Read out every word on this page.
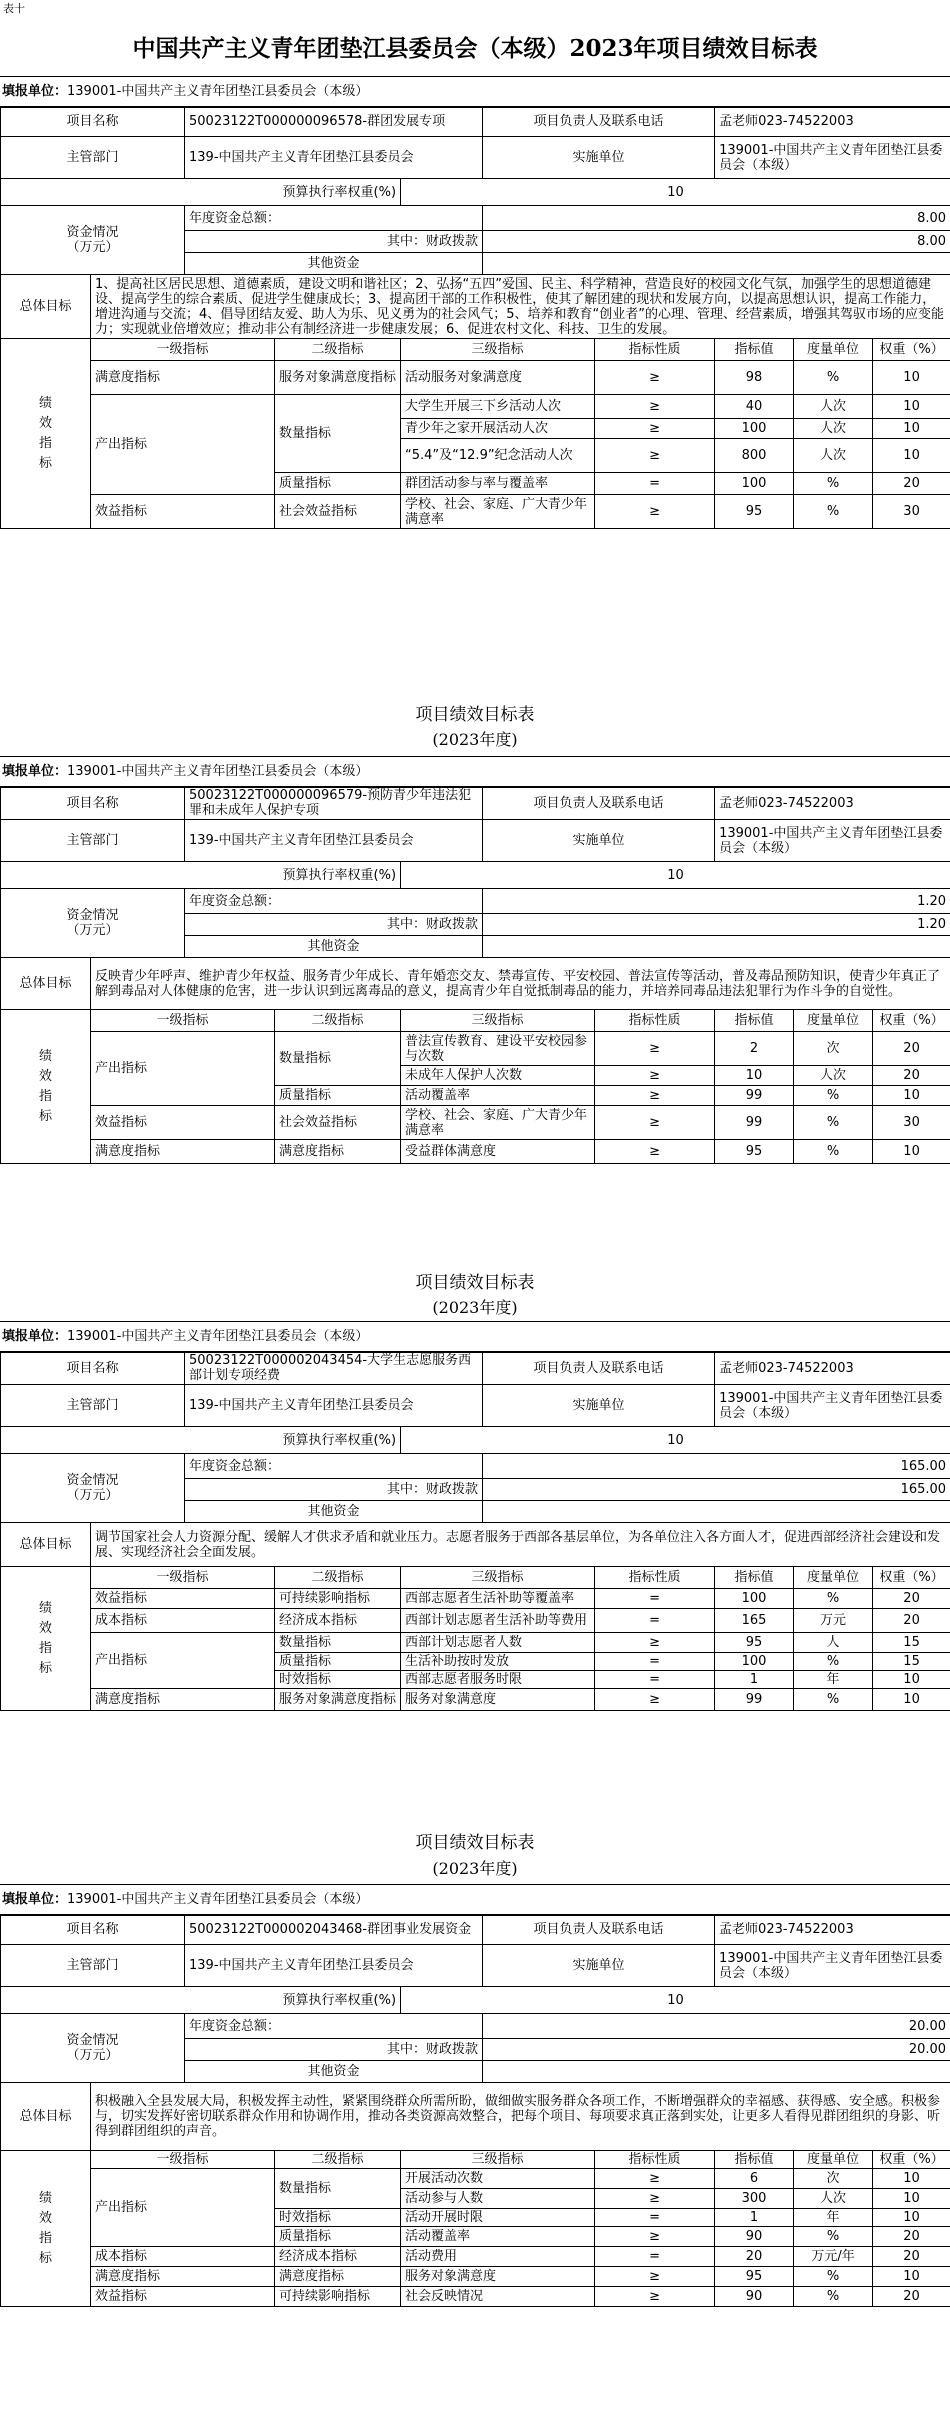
表十
中国共产主义青年团垫江县委员会（本级）2023年项目绩效目标表
填报单位：139001-中国共产主义青年团垫江县委员会（本级）
项目名称		50023122T000000096578-群团发展专项			项目负责人及联系电话		孟老师023-74522003		
主管部门		139-中国共产主义青年团垫江县委员会			实施单位		139001-中国共产主义青年团垫江县委员会（本级）		
预算执行率权重(%)				10					
资金情况
（万元）		年度资金总额：			8.00				
		其中：财政拨款			8.00				
		其他资金							
总体目标	1、提高社区居民思想、道德素质，建设文明和谐社区；2、弘扬“五四”爱国、民主、科学精神，营造良好的校园文化气氛，加强学生的思想道德建设、提高学生的综合素质、促进学生健康成长；3、提高团干部的工作积极性，使其了解团建的现状和发展方向，以提高思想认识，提高工作能力，增进沟通与交流；4、倡导团结友爱、助人为乐、见义勇为的社会风气；5、培养和教育“创业者”的心理、管理、经营素质，增强其驾驭市场的应变能力；实现就业倍增效应；推动非公有制经济进一步健康发展；6、促进农村文化、科技、卫生的发展。								
绩
效
指
标	一级指标		二级指标	三级指标		指标性质	指标值	度量单位	权重（%）
	满意度指标		服务对象满意度指标	活动服务对象满意度		≥	98	%	10
	产出指标		数量指标	大学生开展三下乡活动人次		≥	40	人次	10
				青少年之家开展活动人次		≥	100	人次	10
				“5.4”及“12.9”纪念活动人次		≥	800	人次	10
			质量指标	群团活动参与率与覆盖率		=	100	%	20
	效益指标		社会效益指标	学校、社会、家庭、广大青少年满意率		≥	95	%	30
项目绩效目标表
(2023年度)
填报单位：139001-中国共产主义青年团垫江县委员会（本级）
项目名称		50023122T000000096579-预防青少年违法犯罪和未成年人保护专项			项目负责人及联系电话		孟老师023-74522003		
主管部门		139-中国共产主义青年团垫江县委员会			实施单位		139001-中国共产主义青年团垫江县委员会（本级）		
预算执行率权重(%)				10					
资金情况
（万元）		年度资金总额：			1.20				
		其中：财政拨款			1.20				
		其他资金							
总体目标	反映青少年呼声、维护青少年权益、服务青少年成长、青年婚恋交友、禁毒宣传、平安校园、普法宣传等活动，普及毒品预防知识，使青少年真正了解到毒品对人体健康的危害，进一步认识到远离毒品的意义，提高青少年自觉抵制毒品的能力，并培养同毒品违法犯罪行为作斗争的自觉性。								
绩
效
指
标	一级指标		二级指标	三级指标		指标性质	指标值	度量单位	权重（%）
	产出指标		数量指标	普法宣传教育、建设平安校园参与次数		≥	2	次	20
				未成年人保护人次数		≥	10	人次	20
			质量指标	活动覆盖率		≥	99	%	10
	效益指标		社会效益指标	学校、社会、家庭、广大青少年满意率		≥	99	%	30
	满意度指标		满意度指标	受益群体满意度		≥	95	%	10
项目绩效目标表
(2023年度)
填报单位：139001-中国共产主义青年团垫江县委员会（本级）
项目名称		50023122T000002043454-大学生志愿服务西部计划专项经费			项目负责人及联系电话		孟老师023-74522003		
主管部门		139-中国共产主义青年团垫江县委员会			实施单位		139001-中国共产主义青年团垫江县委员会（本级）		
预算执行率权重(%)				10					
资金情况
（万元）		年度资金总额：			165.00				
		其中：财政拨款			165.00				
		其他资金							
总体目标	调节国家社会人力资源分配、缓解人才供求矛盾和就业压力。志愿者服务于西部各基层单位，为各单位注入各方面人才，促进西部经济社会建设和发展、实现经济社会全面发展。								
绩
效
指
标	一级指标		二级指标	三级指标		指标性质	指标值	度量单位	权重（%）
	效益指标		可持续影响指标	西部志愿者生活补助等覆盖率		=	100	%	20
	成本指标		经济成本指标	西部计划志愿者生活补助等费用		=	165	万元	20
	产出指标		数量指标	西部计划志愿者人数		≥	95	人	15
			质量指标	生活补助按时发放		=	100	%	15
			时效指标	西部志愿者服务时限		=	1	年	10
	满意度指标		服务对象满意度指标	服务对象满意度		≥	99	%	10
项目绩效目标表
(2023年度)
填报单位：139001-中国共产主义青年团垫江县委员会（本级）
项目名称		50023122T000002043468-群团事业发展资金			项目负责人及联系电话		孟老师023-74522003		
主管部门		139-中国共产主义青年团垫江县委员会			实施单位		139001-中国共产主义青年团垫江县委员会（本级）		
预算执行率权重(%)				10					
资金情况
（万元）		年度资金总额：			20.00				
		其中：财政拨款			20.00				
		其他资金							
总体目标	积极融入全县发展大局，积极发挥主动性，紧紧围绕群众所需所盼，做细做实服务群众各项工作，不断增强群众的幸福感、获得感、安全感。积极参与，切实发挥好密切联系群众作用和协调作用，推动各类资源高效整合，把每个项目、每项要求真正落到实处，让更多人看得见群团组织的身影、听得到群团组织的声音。								
绩
效
指
标	一级指标		二级指标	三级指标		指标性质	指标值	度量单位	权重（%）
	产出指标		数量指标	开展活动次数		≥	6	次	10
				活动参与人数		≥	300	人次	10
			时效指标	活动开展时限		=	1	年	10
			质量指标	活动覆盖率		≥	90	%	20
	成本指标		经济成本指标	活动费用		=	20	万元/年	20
	满意度指标		满意度指标	服务对象满意度		≥	95	%	10
	效益指标		可持续影响指标	社会反映情况		≥	90	%	20
